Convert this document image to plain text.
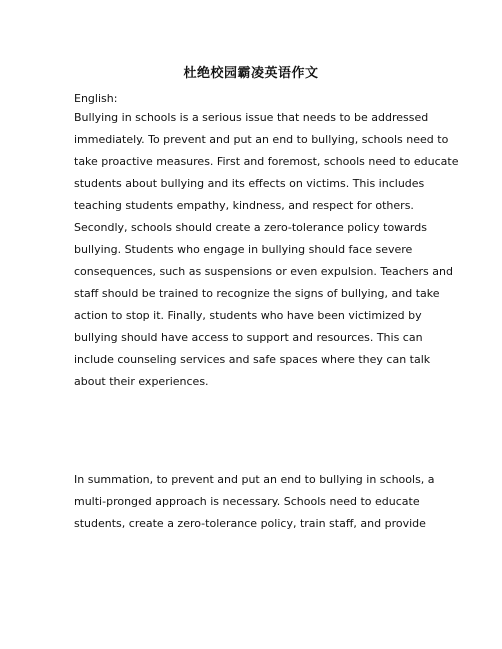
杜绝校园霸凌英语作文
English:
Bullying in schools is a serious issue that needs to be addressed
immediately. To prevent and put an end to bullying, schools need to
take proactive measures. First and foremost, schools need to educate
students about bullying and its effects on victims. This includes
teaching students empathy, kindness, and respect for others.
Secondly, schools should create a zero-tolerance policy towards
bullying. Students who engage in bullying should face severe
consequences, such as suspensions or even expulsion. Teachers and
staff should be trained to recognize the signs of bullying, and take
action to stop it. Finally, students who have been victimized by
bullying should have access to support and resources. This can
include counseling services and safe spaces where they can talk
about their experiences.
In summation, to prevent and put an end to bullying in schools, a
multi-pronged approach is necessary. Schools need to educate
students, create a zero-tolerance policy, train staff, and provide
